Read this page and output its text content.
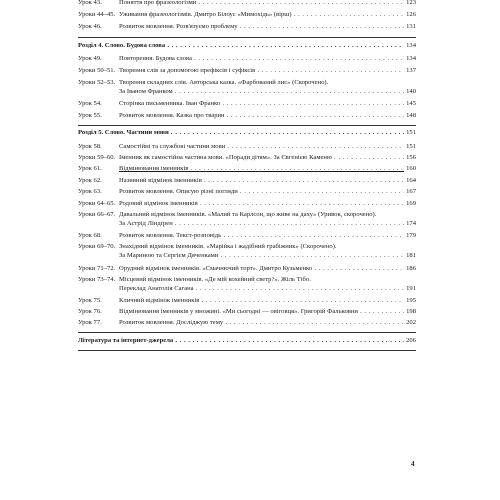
Урок 43.	Поняття про фразеологізми . . .	123
Уроки 44–45. Уживання фразеологізмів. Дмитро Білоус «Мимохідь» (вірш) . . .	126
Урок 46.	Розвиток мовлення. Розв'язуємо проблему . . .	131
Розділ 4. Слово. Будова слова . . .	134
Урок 49.	Повторення. Будова слова . . .	134
Уроки 50–51. Творення слів за допомогою префіксів і суфіксів . . .	137
Уроки 52–53. Творення складних слів. Авторська казка. «Фарбований лис» (Скорочено).
За Іваном Франком . . .	140
Урок 54.	Сторінка письменника. Іван Франко . . .	145
Урок 55.	Розвиток мовлення. Казка про тварин . . .	148
Розділ 5. Слово. Частини мови . . .	151
Урок 58.	Самостійні та службові частини мови . . .	151
Уроки 59–60. Іменник як самостійна частина мови. «Поради дітям». За Євгенією Каменю . . .	156
Урок 61.	Відмінювання іменників . . .	160
Урок 62.	Називний відмінок іменників . . .	164
Урок 63.	Розвиток мовлення. Описую різні погляди . . .	167
Уроки 64–65. Родовий відмінок іменників . . .	169
Уроки 66–67. Давальний відмінок іменників. «Малий та Карлсон, що живе на даху» (Уривок, скорочено).
За Астрід Ліндґрен . . .	174
Урок 68.	Розвиток мовлення. Текст-розповідь . . .	179
Уроки 69–70. Знахідний відмінок іменників. «Марійка і жадібний грабіжник» (Скорочено).
За Мариною та Сергієм Дяченками . . .	181
Уроки 71–72. Орудний відмінок іменників. «Смачнючий торт». Дмитро Кузьменко . . .	186
Уроки 73–74. Місцевий відмінок іменників. «Де мій кохейний светр?». Жіль Тібо.
Переклад Анатолія Сагана . . .	191
Урок 75.	Кличний відмінок іменників . . .	195
Урок 76.	Відмінювання іменників у множині. «Ми сьогодні — овіговця». Григорій Фальковни . . .	198
Урок 77.	Розвиток мовлення. Досліджую тему . . .	202
Література та інтернет-джерела . . .	206
4
